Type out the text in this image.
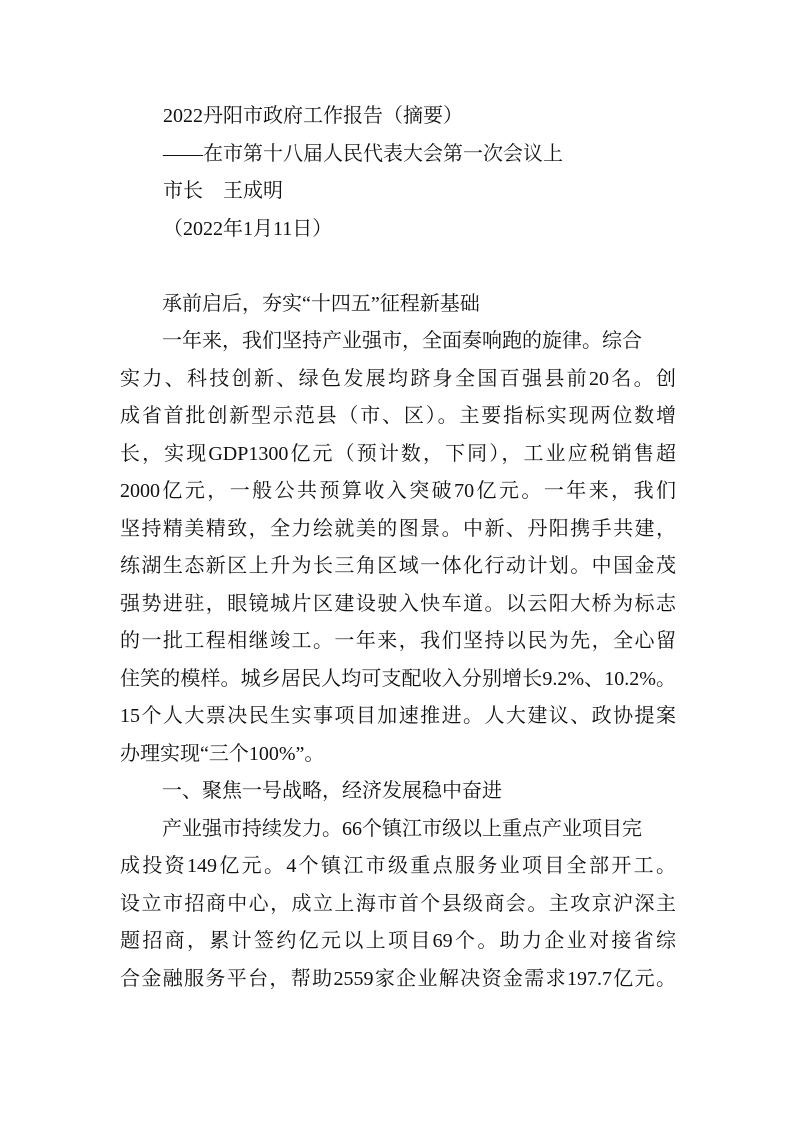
2022丹阳市政府工作报告（摘要）
——在市第十八届人民代表大会第一次会议上
市长　王成明
（2022年1月11日）
承前启后，夯实“十四五”征程新基础
一年来，我们坚持产业强市，全面奏响跑的旋律。综合
实力、科技创新、绿色发展均跻身全国百强县前20名。创
成省首批创新型示范县（市、区）。主要指标实现两位数增
长，实现GDP1300亿元（预计数，下同），工业应税销售超
2000亿元，一般公共预算收入突破70亿元。一年来，我们
坚持精美精致，全力绘就美的图景。中新、丹阳携手共建，
练湖生态新区上升为长三角区域一体化行动计划。中国金茂
强势进驻，眼镜城片区建设驶入快车道。以云阳大桥为标志
的一批工程相继竣工。一年来，我们坚持以民为先，全心留
住笑的模样。城乡居民人均可支配收入分别增长9.2%、10.2%。
15个人大票决民生实事项目加速推进。人大建议、政协提案
办理实现“三个100%”。
一、聚焦一号战略，经济发展稳中奋进
产业强市持续发力。66个镇江市级以上重点产业项目完
成投资149亿元。4个镇江市级重点服务业项目全部开工。
设立市招商中心，成立上海市首个县级商会。主攻京沪深主
题招商，累计签约亿元以上项目69个。助力企业对接省综
合金融服务平台，帮助2559家企业解决资金需求197.7亿元。
